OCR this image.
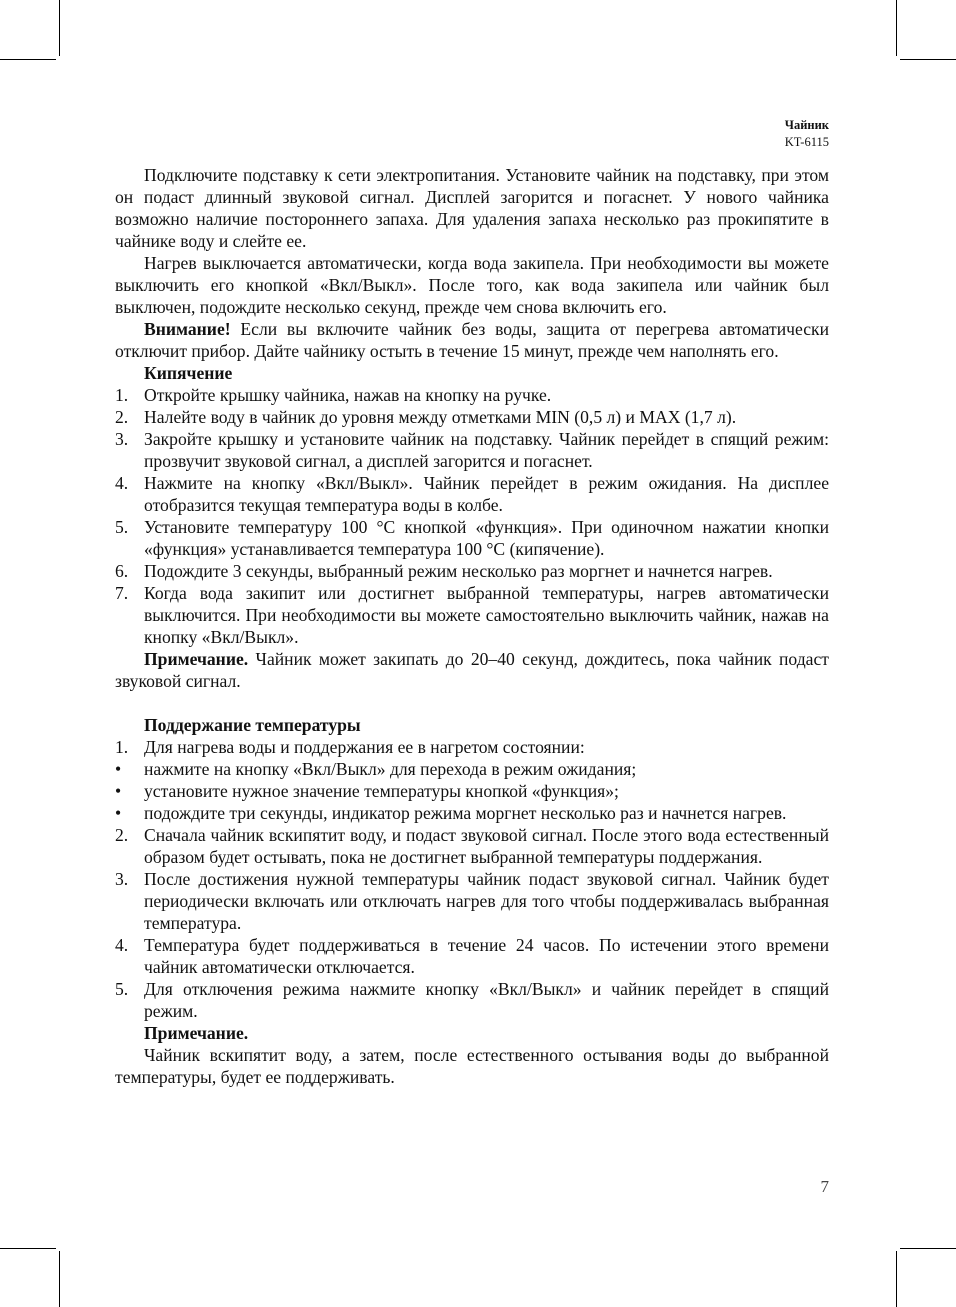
Чайник
KT-6115

Подключите подставку к сети электропитания. Установите чайник на подставку, при этом он подаст длинный звуковой сигнал. Дисплей загорится и погаснет. У нового чайника возможно наличие постороннего запаха. Для удаления запаха несколько раз прокипятите в чайнике воду и слейте ее.

Нагрев выключается автоматически, когда вода закипела. При необходимости вы можете выключить его кнопкой «Вкл/Выкл». После того, как вода закипела или чайник был выключен, подождите несколько секунд, прежде чем снова включить его.

Внимание! Если вы включите чайник без воды, защита от перегрева автоматически отключит прибор. Дайте чайнику остыть в течение 15 минут, прежде чем наполнять его.

Кипячение
1. Откройте крышку чайника, нажав на кнопку на ручке.
2. Налейте воду в чайник до уровня между отметками MIN (0,5 л) и MAX (1,7 л).
3. Закройте крышку и установите чайник на подставку. Чайник перейдет в спящий режим: прозвучит звуковой сигнал, а дисплей загорится и погаснет.
4. Нажмите на кнопку «Вкл/Выкл». Чайник перейдет в режим ожидания. На дисплее отобразится текущая температура воды в колбе.
5. Установите температуру 100 °С кнопкой «функция». При одиночном нажатии кнопки «функция» устанавливается температура 100 °С (кипячение).
6. Подождите 3 секунды, выбранный режим несколько раз моргнет и начнется нагрев.
7. Когда вода закипит или достигнет выбранной температуры, нагрев автоматически выключится. При необходимости вы можете самостоятельно выключить чайник, нажав на кнопку «Вкл/Выкл».

Примечание. Чайник может закипать до 20–40 секунд, дождитесь, пока чайник подаст звуковой сигнал.

Поддержание температуры
1. Для нагрева воды и поддержания ее в нагретом состоянии:
• нажмите на кнопку «Вкл/Выкл» для перехода в режим ожидания;
• установите нужное значение температуры кнопкой «функция»;
• подождите три секунды, индикатор режима моргнет несколько раз и начнется нагрев.
2. Сначала чайник вскипятит воду, и подаст звуковой сигнал. После этого вода естественный образом будет остывать, пока не достигнет выбранной температуры поддержания.
3. После достижения нужной температуры чайник подаст звуковой сигнал. Чайник будет периодически включать или отключать нагрев для того чтобы поддерживалась выбранная температура.
4. Температура будет поддерживаться в течение 24 часов. По истечении этого времени чайник автоматически отключается.
5. Для отключения режима нажмите кнопку «Вкл/Выкл» и чайник перейдет в спящий режим.
Примечание.

Чайник вскипятит воду, а затем, после естественного остывания воды до выбранной температуры, будет ее поддерживать.

7
